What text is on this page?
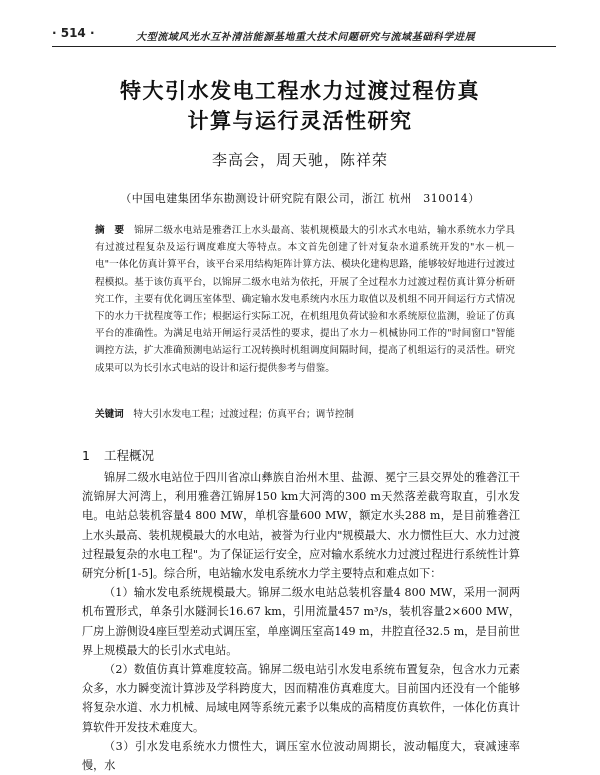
· 514 ·	大型流域风光水互补清洁能源基地重大技术问题研究与流域基础科学进展
特大引水发电工程水力过渡过程仿真
计算与运行灵活性研究
李高会，周天驰，陈祥荣
（中国电建集团华东勘测设计研究院有限公司，浙江 杭州　310014）
摘　要　 锦屏二级水电站是雅砻江上水头最高、装机规模最大的引水式水电站，输水系统水力学具有过渡过程复杂及运行调度难度大等特点。本文首先创建了针对复杂水道系统开发的"水－机－电"一体化仿真计算平台，该平台采用结构矩阵计算方法、模块化建构思路，能够较好地进行过渡过程模拟。基于该仿真平台，以锦屏二级水电站为依托，开展了全过程水力过渡过程仿真计算分析研究工作，主要有优化调压室体型、确定输水发电系统内水压力取值以及机组不同开间运行方式情况下的水力干扰程度等工作；根据运行实际工况，在机组甩负荷试验和水系统原位监测，验证了仿真平台的准确性。为满足电站开闸运行灵活性的要求，提出了水力－机械协同工作的"时间窗口"智能调控方法，扩大准确预测电站运行工况转换时机组调度间隔时间，提高了机组运行的灵活性。研究成果可以为长引水式电站的设计和运行提供参考与借鉴。
关键词　 特大引水发电工程；过渡过程；仿真平台；调节控制
1 工程概况

锦屏二级水电站位于四川省凉山彝族自治州木里、盐源、冕宁三县交界处的雅砻江干流锦屏大河湾上，利用雅砻江锦屏150 km大河湾的300 m天然落差截弯取直，引水发电。电站总装机容量4 800 MW，单机容量600 MW，额定水头288 m，是目前雅砻江上水头最高、装机规模最大的水电站，被誉为行业内"规模最大、水力惯性巨大、水力过渡过程最复杂的水电工程"。为了保证运行安全，应对输水系统水力过渡过程进行系统性计算研究分析[1-5]。综合所，电站输水发电系统水力学主要特点和难点如下：

（1）输水发电系统规模最大。锦屏二级水电站总装机容量4 800 MW，采用一洞两机布置形式，单条引水隧洞长16.67 km，引用流量457 m³/s，装机容量2×600 MW，厂房上游侧设4座巨型差动式调压室，单座调压室高149 m，井腔直径32.5 m，是目前世界上规模最大的长引水式电站。

（2）数值仿真计算难度较高。锦屏二级电站引水发电系统布置复杂，包含水力元素众多，水力瞬变流计算涉及学科跨度大，因而精准仿真难度大。目前国内还没有一个能够将复杂水道、水力机械、局域电网等系统元素予以集成的高精度仿真软件，一体化仿真计算软件开发技术难度大。

（3）引水发电系统水力惯性大，调压室水位波动周期长，波动幅度大，衰减速率慢，水
